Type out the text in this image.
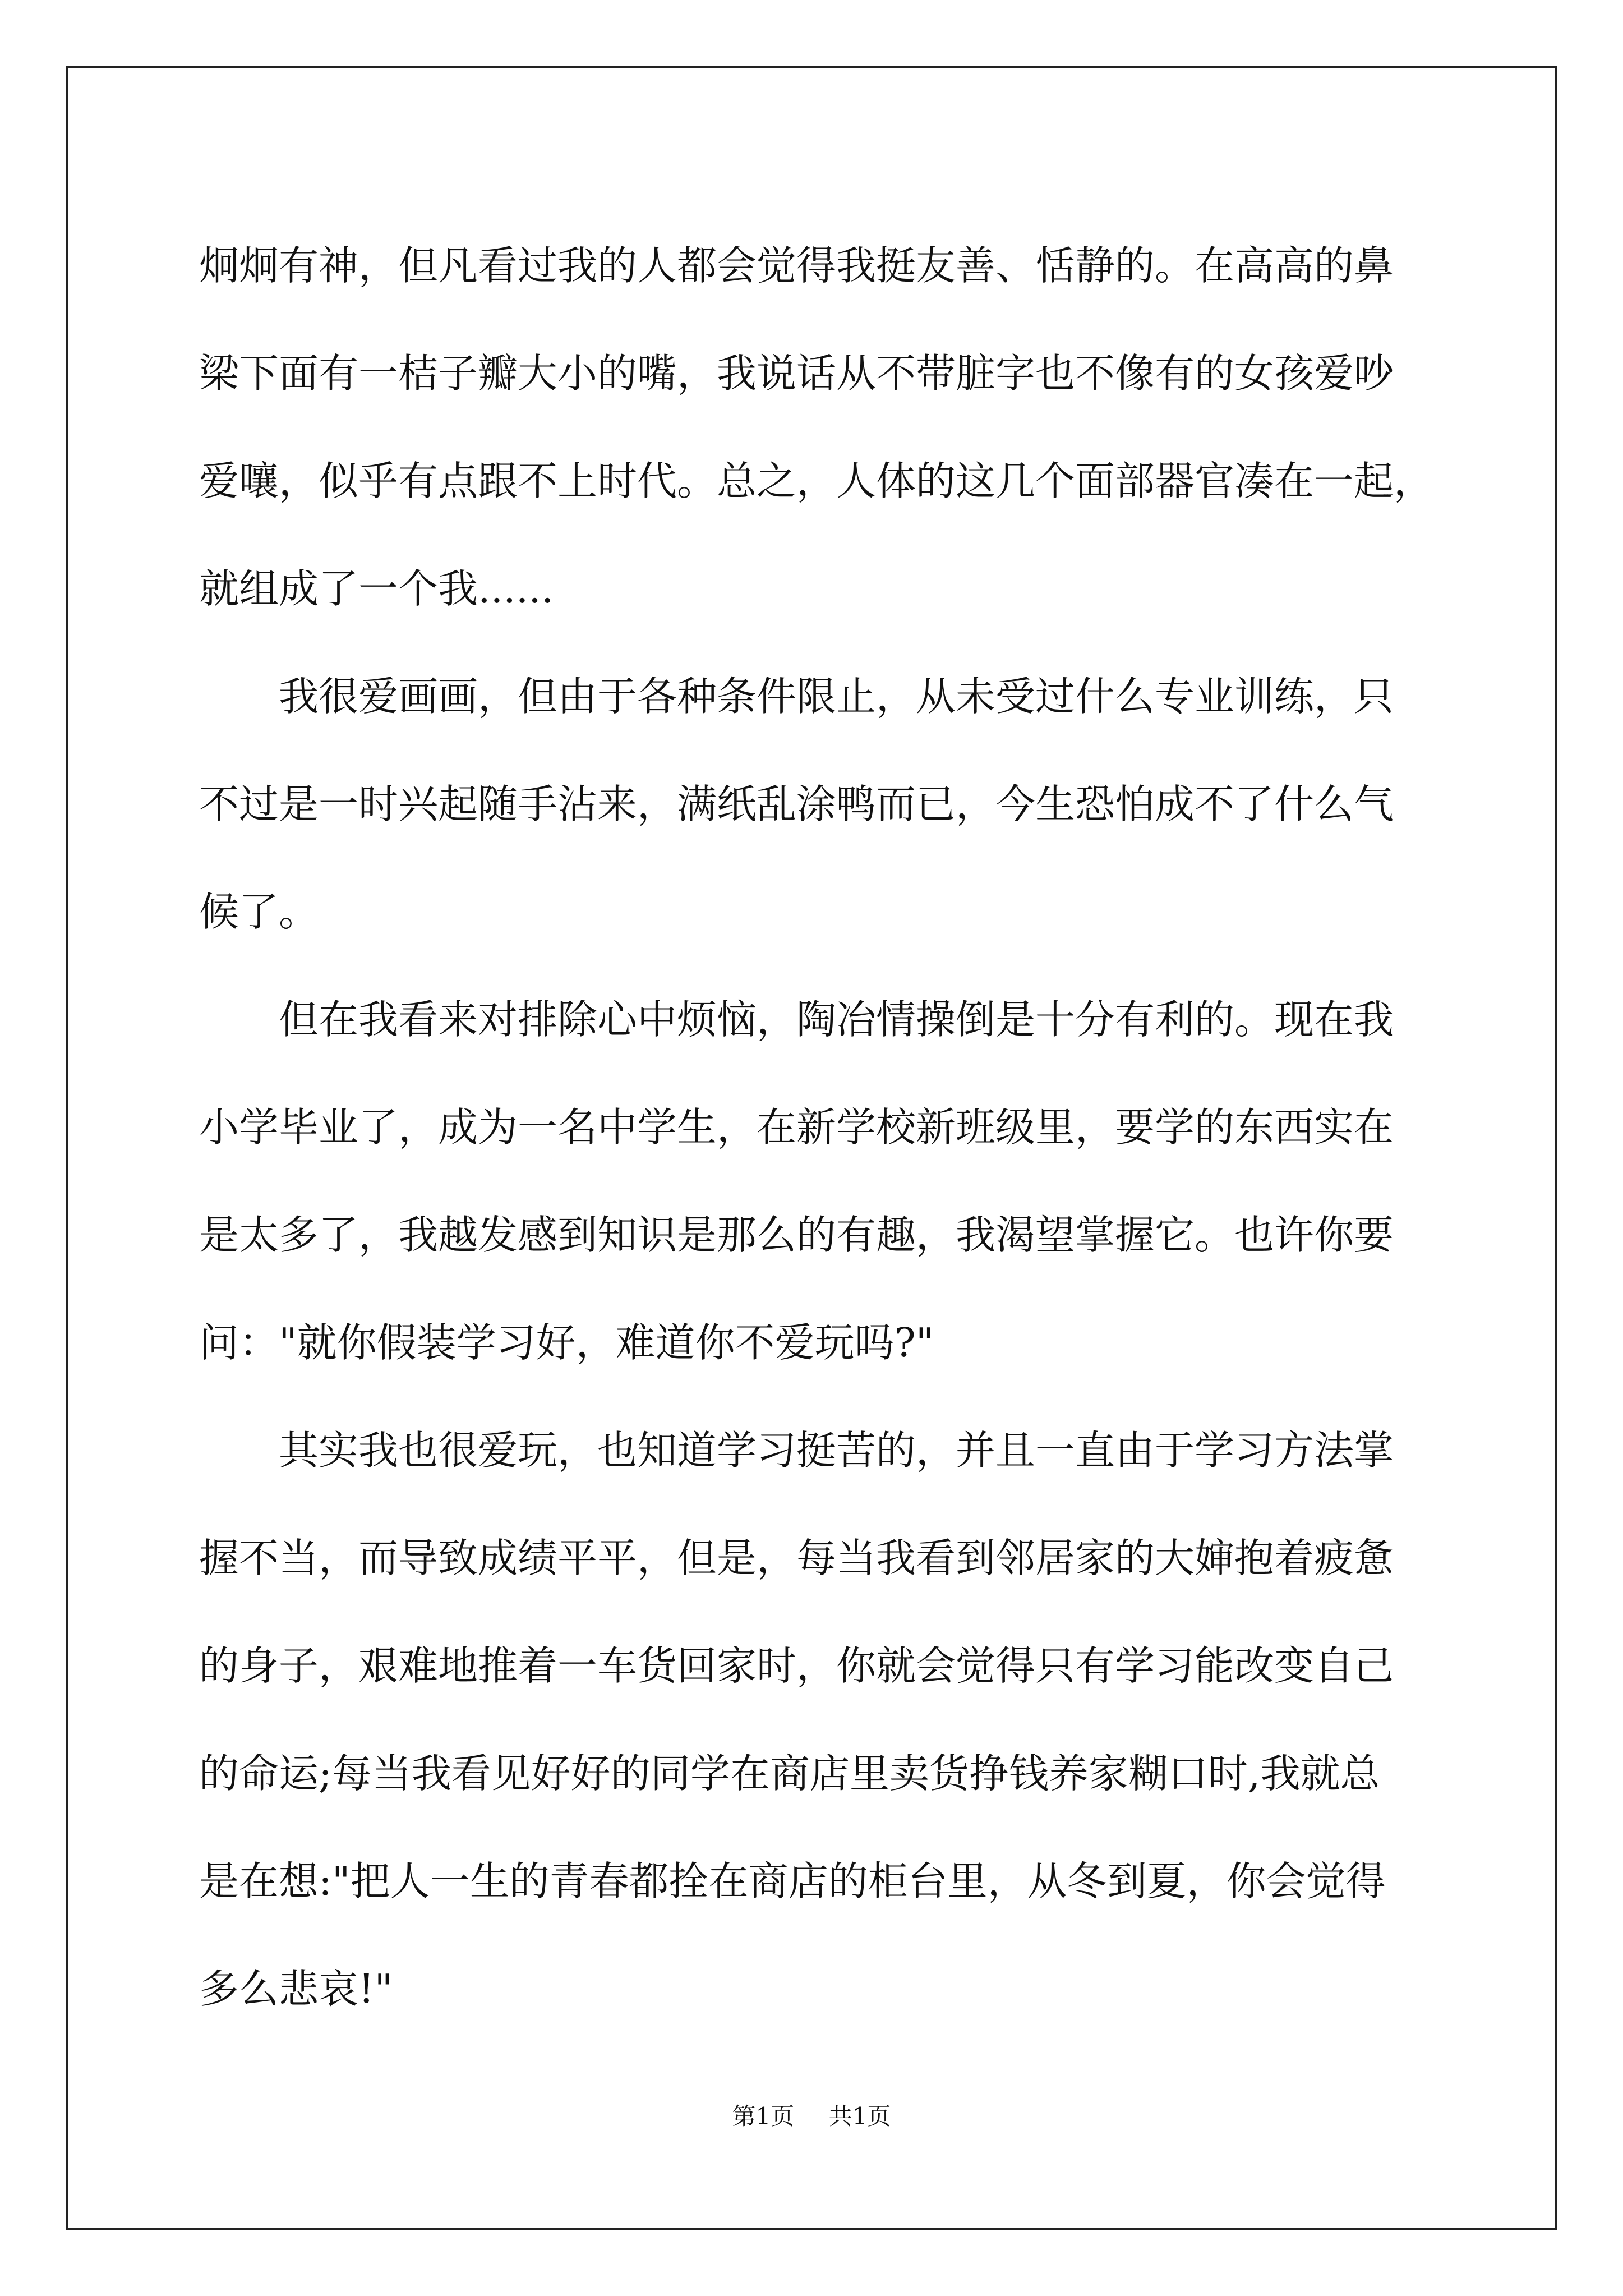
炯炯有神，但凡看过我的人都会觉得我挺友善、恬静的。在高高的鼻
梁下面有一桔子瓣大小的嘴，我说话从不带脏字也不像有的女孩爱吵
爱嚷，似乎有点跟不上时代。总之，人体的这几个面部器官凑在一起，
就组成了一个我......
我很爱画画，但由于各种条件限止，从未受过什么专业训练，只
不过是一时兴起随手沾来，满纸乱涂鸭而已，今生恐怕成不了什么气
候了。
但在我看来对排除心中烦恼，陶冶情操倒是十分有利的。现在我
小学毕业了，成为一名中学生，在新学校新班级里，要学的东西实在
是太多了，我越发感到知识是那么的有趣，我渴望掌握它。也许你要
问："就你假装学习好，难道你不爱玩吗?"
其实我也很爱玩，也知道学习挺苦的，并且一直由于学习方法掌
握不当，而导致成绩平平，但是，每当我看到邻居家的大婶抱着疲惫
的身子，艰难地推着一车货回家时，你就会觉得只有学习能改变自己
的命运;每当我看见好好的同学在商店里卖货挣钱养家糊口时,我就总
是在想:"把人一生的青春都拴在商店的柜台里，从冬到夏，你会觉得
多么悲哀!"
第1页 共1页
